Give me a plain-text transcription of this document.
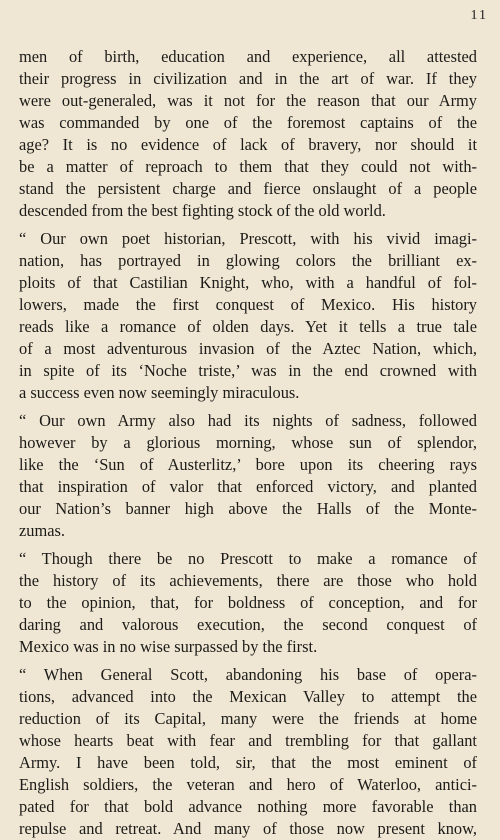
11

men of birth, education and experience, all attested
their progress in civilization and in the art of war. If they
were out-generaled, was it not for the reason that our Army
was commanded by one of the foremost captains of the
age? It is no evidence of lack of bravery, nor should it
be a matter of reproach to them that they could not with-
stand the persistent charge and fierce onslaught of a people
descended from the best fighting stock of the old world.

“ Our own poet historian, Prescott, with his vivid imagi-
nation, has portrayed in glowing colors the brilliant ex-
ploits of that Castilian Knight, who, with a handful of fol-
lowers, made the first conquest of Mexico. His history
reads like a romance of olden days. Yet it tells a true tale
of a most adventurous invasion of the Aztec Nation, which,
in spite of its ‘Noche triste,’ was in the end crowned with
a success even now seemingly miraculous.

“ Our own Army also had its nights of sadness, followed
however by a glorious morning, whose sun of splendor,
like the ‘Sun of Austerlitz,’ bore upon its cheering rays
that inspiration of valor that enforced victory, and planted
our Nation’s banner high above the Halls of the Monte-
zumas.

“ Though there be no Prescott to make a romance of
the history of its achievements, there are those who hold
to the opinion, that, for boldness of conception, and for
daring and valorous execution, the second conquest of
Mexico was in no wise surpassed by the first.

“ When General Scott, abandoning his base of opera-
tions, advanced into the Mexican Valley to attempt the
reduction of its Capital, many were the friends at home
whose hearts beat with fear and trembling for that gallant
Army. I have been told, sir, that the most eminent of
English soldiers, the veteran and hero of Waterloo, antici-
pated for that bold advance nothing more favorable than
repulse and retreat. And many of those now present know,
